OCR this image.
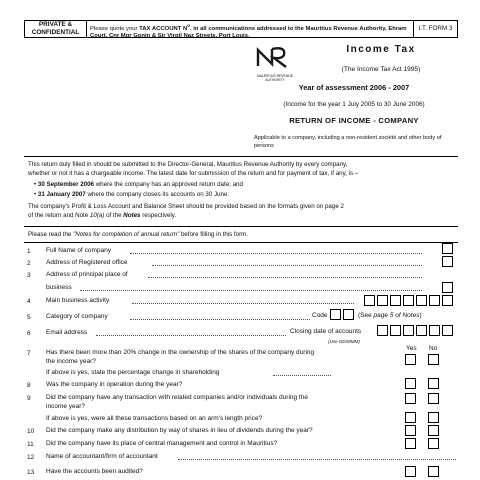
PRIVATE &
CONFIDENTIAL	Please quote your TAX ACCOUNT $N^o$. in all communications addressed to the Mauritius Revenue Authority, Ehram Court, Cnr Mgr Gonin & Sir Virgil Naz Streets, Port Louis.
I.T. FORM 3
MAURITIUS REVENUE
AUTHORITY
Income Tax
(The Income Tax Act 1995)
Year of assessment 2006 - 2007
(Income for the year 1 July 2005 to 30 June 2006)
RETURN OF INCOME - COMPANY
Applicable to a company, including a non-resident société and other body of persons
This return duly filled in should be submitted to the Director-General, Mauritius Revenue Authority by every company,
whether or not it has a chargeable income. The latest date for submission of the return and for payment of tax, if any, is –
• 30 September 2006 where the company has an approved return date; and
• 31 January 2007 where the company closes its accounts on 30 June.
The company's Profit & Loss Account and Balance Sheet should be provided based on the formats given on page 2
of the return and Note 10(a) of the Notes respectively.
Please read the "Notes for completion of annual return" before filling in this form.
1 Full Name of company
2 Address of Registered office
3 Address of principal place of
business
4 Main business activity
5 Category of company	Code	(See page 5 of Notes)
6 Email address	Closing date of accounts
(Use DD/MMM)
Yes No
7 Has there been more than 20% change in the ownership of the shares of the company during
the income year?
If above is yes, state the percentage change in shareholding
8 Was the company in operation during the year?
9 Did the company have any transaction with related companies and/or individuals during the
income year?
If above is yes, were all these transactions based on an arm's length price?
10 Did the company make any distribution by way of shares in lieu of dividends during the year?
11 Did the company have its place of central management and control in Mauritius?
12 Name of accountant/firm of accountant
13 Have the accounts been audited?
